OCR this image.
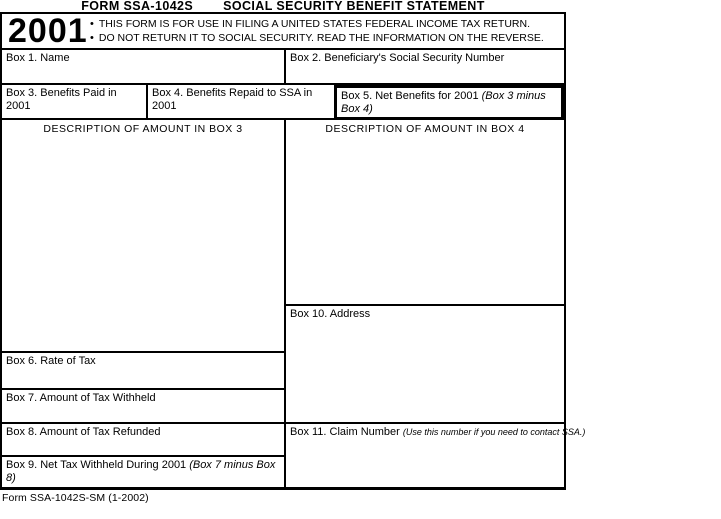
FORM SSA-1042S SOCIAL SECURITY BENEFIT STATEMENT
2001 • THIS FORM IS FOR USE IN FILING A UNITED STATES FEDERAL INCOME TAX RETURN.
• DO NOT RETURN IT TO SOCIAL SECURITY. READ THE INFORMATION ON THE REVERSE.
Box 1. Name	Box 2. Beneficiary's Social Security Number
Box 3. Benefits Paid in 2001
Box 4. Benefits Repaid to SSA in 2001
Box 5. Net Benefits for 2001 (Box 3 minus Box 4)
DESCRIPTION OF AMOUNT IN BOX 3	DESCRIPTION OF AMOUNT IN BOX 4
Box 10. Address
Box 6. Rate of Tax
Box 7. Amount of Tax Withheld
Box 8. Amount of Tax Refunded
Box 9. Net Tax Withheld During 2001 (Box 7 minus Box 8)
Box 11. Claim Number (Use this number if you need to contact SSA.)
Form SSA-1042S-SM (1-2002)
